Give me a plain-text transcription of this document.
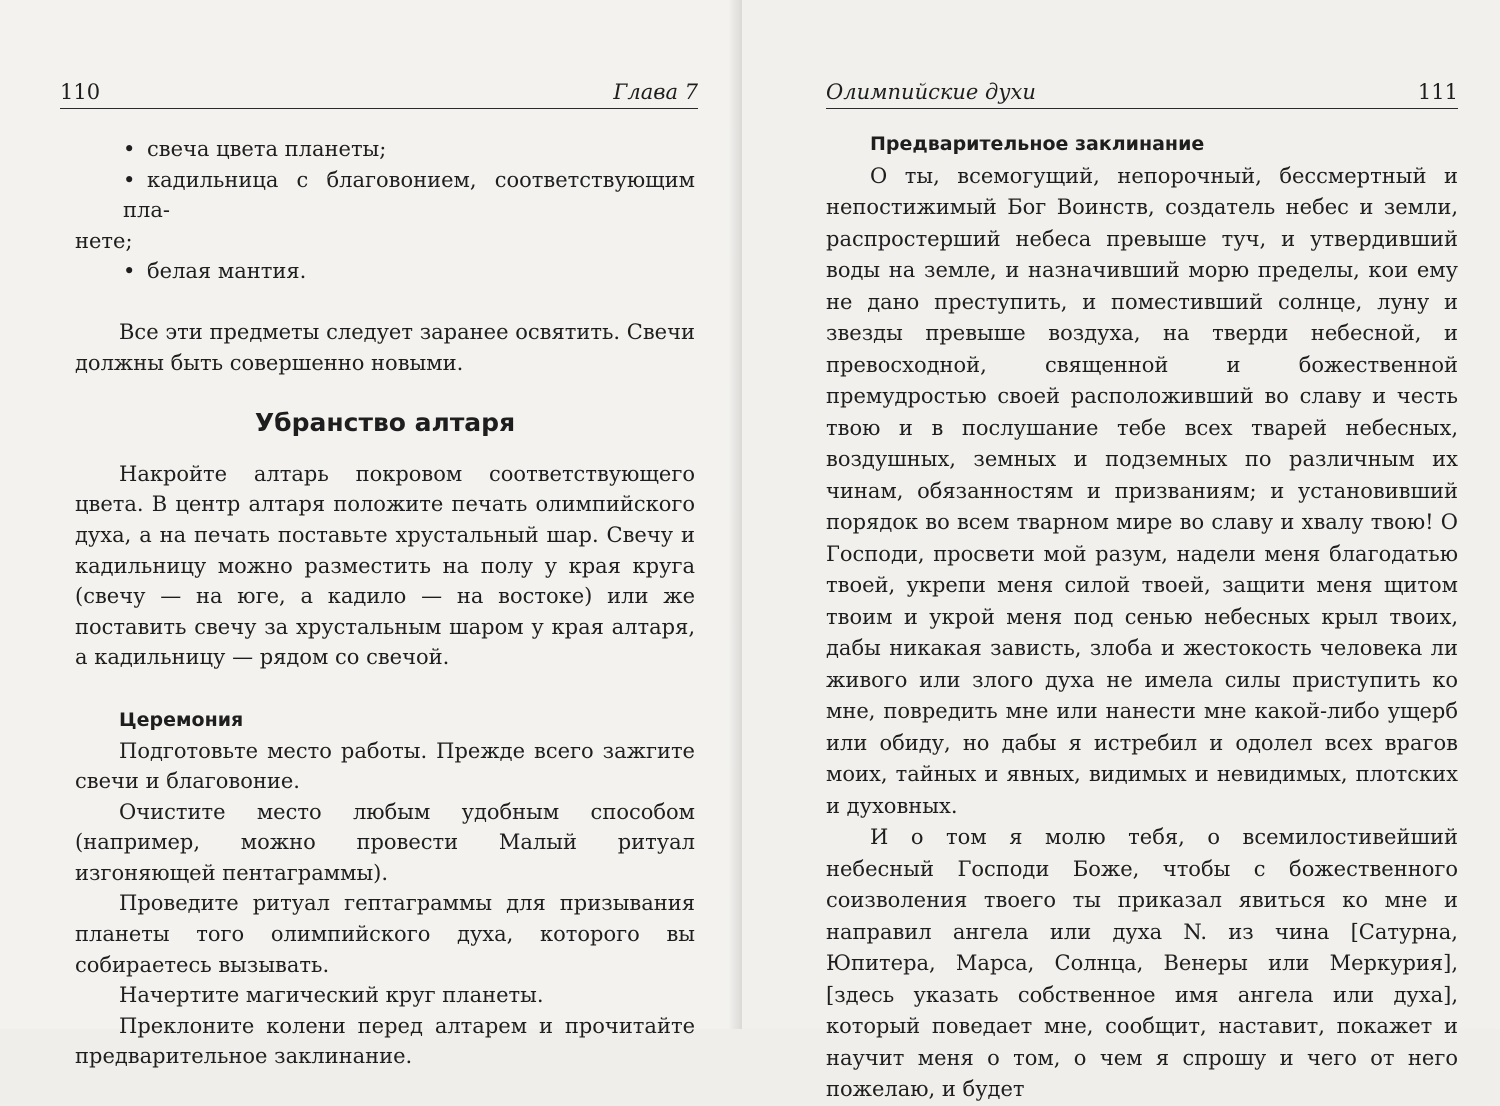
110	Глава 7
• свеча цвета планеты;
• кадильница с благовонием, соответствующим пла-
нете;
• белая мантия.

Все эти предметы следует заранее освятить. Свечи должны быть совершенно новыми.

Убранство алтаря

Накройте алтарь покровом соответствующего цвета. В центр алтаря положите печать олимпийского духа, а на печать поставьте хрустальный шар. Свечу и кадильницу можно разместить на полу у края круга (свечу — на юге, а кадило — на востоке) или же поставить свечу за хрустальным шаром у края алтаря, а кадильницу — рядом со свечой.

Церемония

Подготовьте место работы. Прежде всего зажгите свечи и благовоние.

Очистите место любым удобным способом (например, можно провести Малый ритуал изгоняющей пентаграммы).

Проведите ритуал гептаграммы для призывания планеты того олимпийского духа, которого вы собираетесь вызывать.

Начертите магический круг планеты.

Преклоните колени перед алтарем и прочитайте предварительное заклинание.

Олимпийские духи	111

Предварительное заклинание

О ты, всемогущий, непорочный, бессмертный и непостижимый Бог Воинств, создатель небес и земли, распростерший небеса превыше туч, и утвердивший воды на земле, и назначивший морю пределы, кои ему не дано преступить, и поместивший солнце, луну и звезды превыше воздуха, на тверди небесной, и превосходной, священной и божественной премудростью своей расположивший во славу и честь твою и в послушание тебе всех тварей небесных, воздушных, земных и подземных по различным их чинам, обязанностям и призваниям; и установивший порядок во всем тварном мире во славу и хвалу твою! О Господи, просвети мой разум, надели меня благодатью твоей, укрепи меня силой твоей, защити меня щитом твоим и укрой меня под сенью небесных крыл твоих, дабы никакая зависть, злоба и жестокость человека ли живого или злого духа не имела силы приступить ко мне, повредить мне или нанести мне какой-либо ущерб или обиду, но дабы я истребил и одолел всех врагов моих, тайных и явных, видимых и невидимых, плотских и духовных.

И о том я молю тебя, о всемилостивейший небесный Господи Боже, чтобы с божественного соизволения твоего ты приказал явиться ко мне и направил ангела или духа N. из чина [Сатурна, Юпитера, Марса, Солнца, Венеры или Меркурия], [здесь указать собственное имя ангела или духа], который поведает мне, сообщит, наставит, покажет и научит меня о том, о чем я спрошу и чего от него пожелаю, и будет
